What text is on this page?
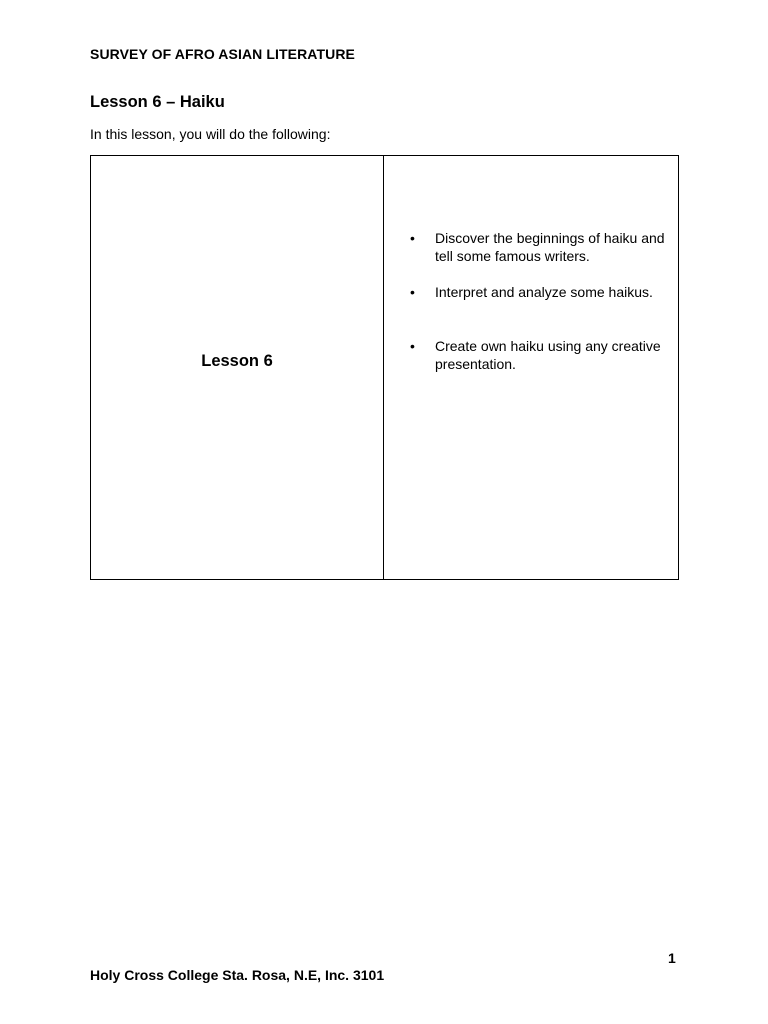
SURVEY OF AFRO ASIAN LITERATURE
Lesson 6 – Haiku
In this lesson, you will do the following:
Lesson 6
• Discover the beginnings of haiku and tell some famous writers.
• Interpret and analyze some haikus.
• Create own haiku using any creative presentation.
1
Holy Cross College Sta. Rosa, N.E, Inc. 3101
